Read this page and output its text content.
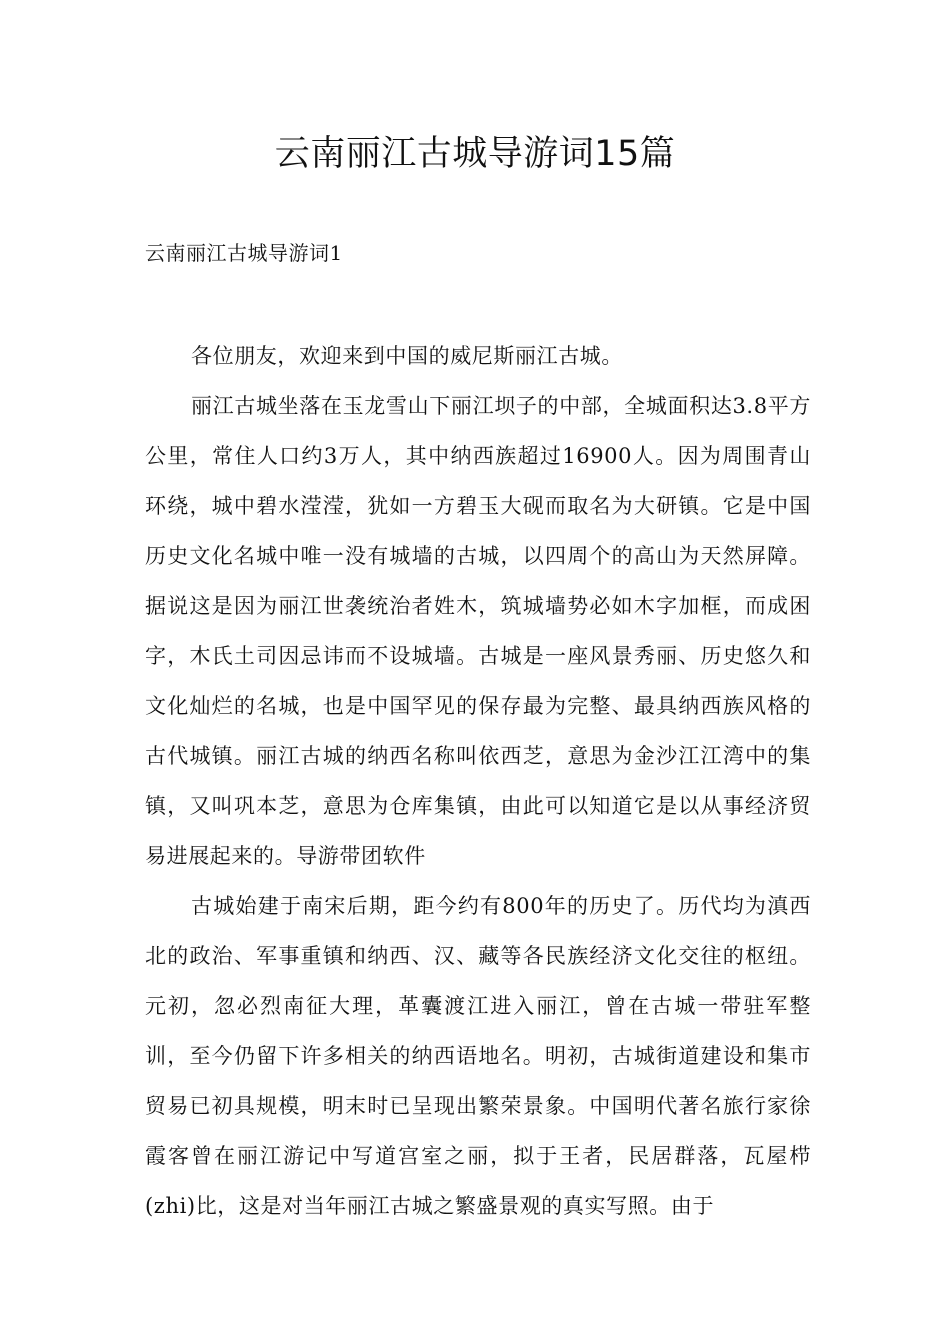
云南丽江古城导游词15篇
云南丽江古城导游词1

各位朋友，欢迎来到中国的威尼斯丽江古城。

丽江古城坐落在玉龙雪山下丽江坝子的中部，全城面积达3.8平方公里，常住人口约3万人，其中纳西族超过16900人。因为周围青山环绕，城中碧水滢滢，犹如一方碧玉大砚而取名为大研镇。它是中国历史文化名城中唯一没有城墙的古城，以四周个的高山为天然屏障。据说这是因为丽江世袭统治者姓木，筑城墙势必如木字加框，而成困字，木氏土司因忌讳而不设城墙。古城是一座风景秀丽、历史悠久和文化灿烂的名城，也是中国罕见的保存最为完整、最具纳西族风格的古代城镇。丽江古城的纳西名称叫依西芝，意思为金沙江江湾中的集镇，又叫巩本芝，意思为仓库集镇，由此可以知道它是以从事经济贸易进展起来的。导游带团软件

古城始建于南宋后期，距今约有800年的历史了。历代均为滇西北的政治、军事重镇和纳西、汉、藏等各民族经济文化交往的枢纽。元初，忽必烈南征大理，革囊渡江进入丽江，曾在古城一带驻军整训，至今仍留下许多相关的纳西语地名。明初，古城街道建设和集市贸易已初具规模，明末时已呈现出繁荣景象。中国明代著名旅行家徐霞客曾在丽江游记中写道宫室之丽，拟于王者，民居群落，瓦屋栉(zhi)比，这是对当年丽江古城之繁盛景观的真实写照。由于
